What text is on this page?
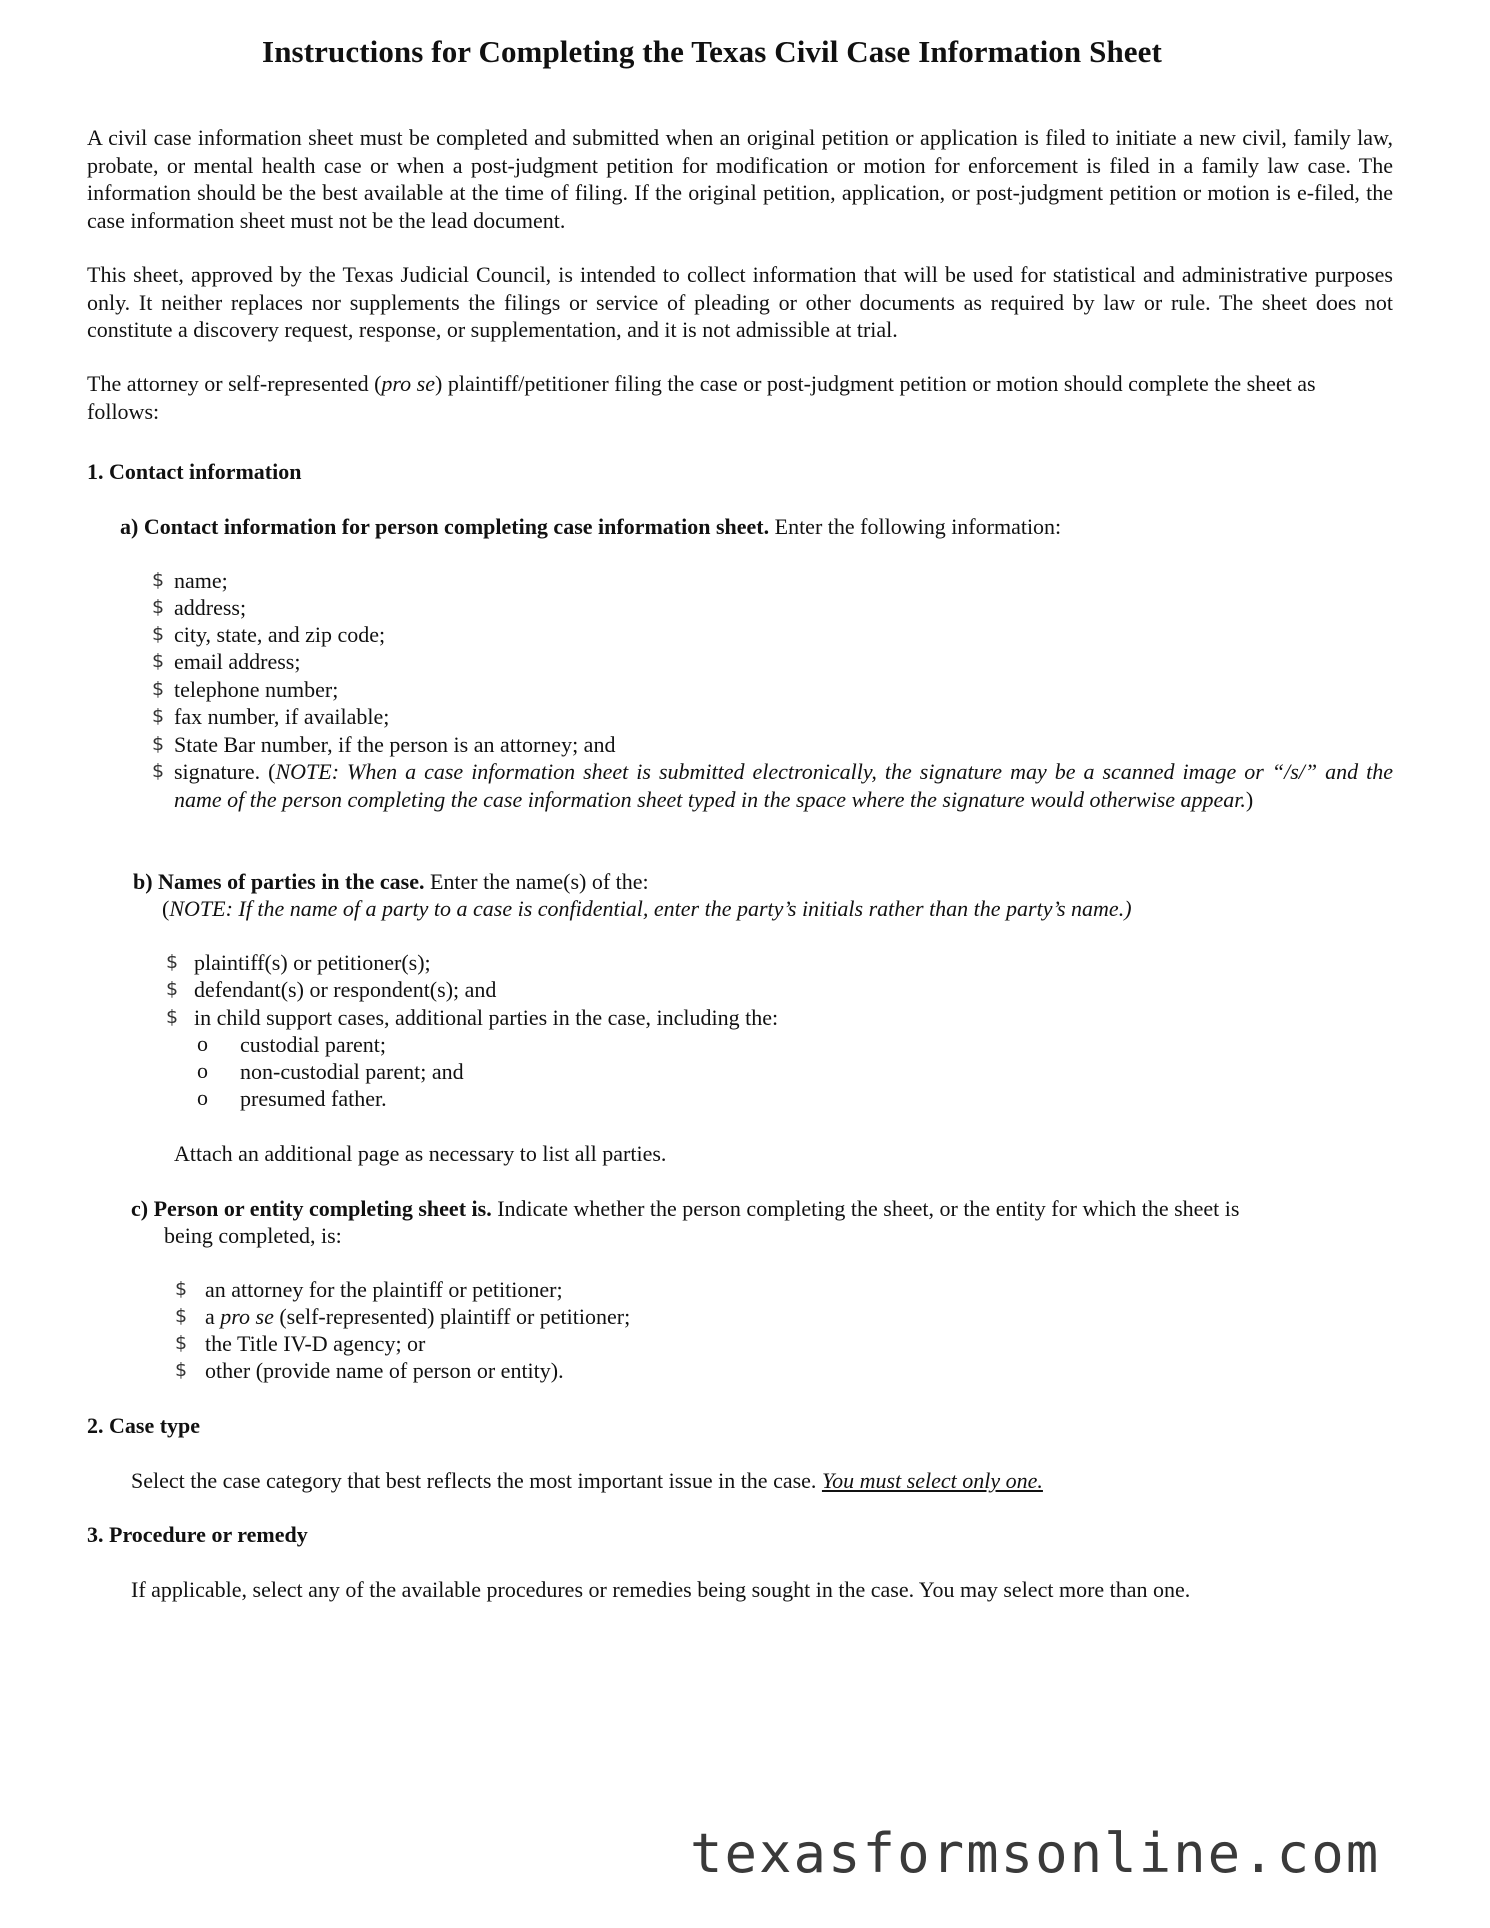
Instructions for Completing the Texas Civil Case Information Sheet

A civil case information sheet must be completed and submitted when an original petition or application is filed to initiate a new civil, family law, probate, or mental health case or when a post-judgment petition for modification or motion for enforcement is filed in a family law case. The information should be the best available at the time of filing. If the original petition, application, or post-judgment petition or motion is e-filed, the case information sheet must not be the lead document.

This sheet, approved by the Texas Judicial Council, is intended to collect information that will be used for statistical and administrative purposes only. It neither replaces nor supplements the filings or service of pleading or other documents as required by law or rule. The sheet does not constitute a discovery request, response, or supplementation, and it is not admissible at trial.

The attorney or self-represented (pro se) plaintiff/petitioner filing the case or post-judgment petition or motion should complete the sheet as follows:

1. Contact information

a) Contact information for person completing case information sheet. Enter the following information:

$ name;
$ address;
$ city, state, and zip code;
$ email address;
$ telephone number;
$ fax number, if available;
$ State Bar number, if the person is an attorney; and
$ signature. (NOTE: When a case information sheet is submitted electronically, the signature may be a scanned image or “/s/” and the name of the person completing the case information sheet typed in the space where the signature would otherwise appear.)

b) Names of parties in the case. Enter the name(s) of the:

(NOTE: If the name of a party to a case is confidential, enter the party’s initials rather than the party’s name.)

$ plaintiff(s) or petitioner(s);
$ defendant(s) or respondent(s); and
$ in child support cases, additional parties in the case, including the:
o custodial parent;
o non-custodial parent; and
o presumed father.

Attach an additional page as necessary to list all parties.

c) Person or entity completing sheet is. Indicate whether the person completing the sheet, or the entity for which the sheet is

being completed, is:

$ an attorney for the plaintiff or petitioner;
$ a pro se (self-represented) plaintiff or petitioner;
$ the Title IV-D agency; or
$ other (provide name of person or entity).

2. Case type

Select the case category that best reflects the most important issue in the case. You must select only one.

3. Procedure or remedy

If applicable, select any of the available procedures or remedies being sought in the case. You may select more than one.

texasformsonline.com
